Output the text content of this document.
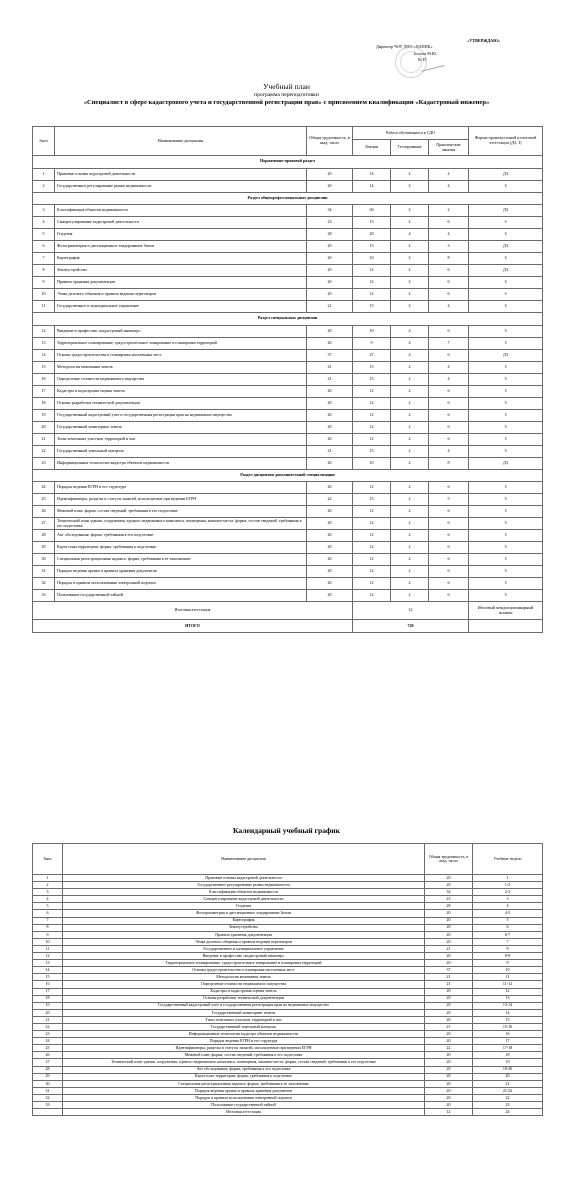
«УТВЕРЖДАЮ»
Директор ЧОУ ДПО «ЦАППК»
Белова М.Ю.
М.П.
Учебный план
программа переподготовки
«Специалист в сфере кадастрового учета и государственной регистрации прав» с присвоением квалификации «Кадастровый инженер»
№пп	Наименование дисциплин	Общая трудоемкость, в акад. часах	Работа обучающихся в СДО			Формы промежуточной и итоговой аттестации (ДЗ, З)
			Лекции	Тестирование	Практические занятия	
Нормативно-правовой раздел						
1	Правовые основы кадастровой деятельности	20	14	2	4	ДЗ
2	Государственное регулирование рынка недвижимости	20	14	2	4	З
Раздел общепрофессиональных дисциплин						
3	Классификация объектов недвижимости	34	30	2	2	ДЗ
4	Саморегулирование кадастровой деятельности	23	15	2	6	З
5	Геодезия	28	20	4	4	З
6	Фотограмметрия и дистанционное зондирование Земли	20	15	2	3	ДЗ
7	Картография	20	10	2	8	З
8	Землеустройство	20	12	2	6	ДЗ
9	Правила хранения документации	20	12	2	6	З
10	Этика делового общения и правила ведения переговоров	20	12	2	6	З
11	Государственное и муниципальное управление	21	15	2	4	З
Раздел специальных дисциплин						
12	Введение в профессию «кадастровый инженер»	20	10	4	6	З
13	Территориальное планирование, градостроительное зонирование и планировка территорий	20	9	4	7	З
14	Основы градостроительства и планировка населенных мест	37	27	4	6	ДЗ
15	Методология межевания земель	21	15	2	4	З
16	Определение стоимости недвижимого имущества	21	15	2	4	З
17	Кадастры и кадастровая оценка земель	20	12	2	6	З
18	Основы разработки технической документации	20	12	2	6	З
19	Государственный кадастровый учет и государственная регистрация прав на недвижимое имущество	20	12	2	6	З
20	Государственный мониторинг земель	20	12	2	6	З
21	Типы земельных участков, территорий и зон	20	12	2	6	З
22	Государственный земельный контроль	21	15	2	4	З
23	Информационные технологии кадастра объектов недвижимости	20	10	2	8	ДЗ
Раздел дисциплин дополнительной специализации						
24	Порядок ведения ЕГРН и его структура	20	12	2	6	З
25	Идентификаторы, разделы и статусы записей, используемые при ведении ЕГРН	22	15	2	5	З
26	Межевой план: форма, состав сведений, требования к его подготовке	20	12	2	6	З
27	Технический план здания, сооружения, единого недвижимого комплекса, помещения, машино-места: форма, состав сведений, требования к его подготовке	20	12	2	6	З
28	Акт обследования: форма, требования к его подготовке	20	12	2	6	З
29	Карта-план территории: форма, требования к подготовке	20	12	2	6	З
30	Специальная регистрационная надпись: форма, требования к ее заполнению	20	12	2	6	З
31	Порядок ведения архива и правила хранения документов	20	12	2	6	З
32	Порядок и правила использования электронной подписи	20	12	2	6	З
33	Пользование государственной тайной	20	12	2	6	З
Итоговая аттестация			12			Итоговый междисциплинарный экзамен
ИТОГО			720			
Календарный учебный график
№пп	Наименование дисциплин	Общая трудоемкость, в акад. часах	Учебные недели
1	Правовые основы кадастровой деятельности	20	1
2	Государственное регулирование рынка недвижимости	20	1-2
3	Классификация объектов недвижимости	34	2-3
4	Саморегулирование кадастровой деятельности	23	3
5	Геодезия	28	4
6	Фотограмметрия и дистанционное зондирование Земли	20	4-5
7	Картография	20	5
8	Землеустройство	20	6
9	Правила хранения документации	20	6-7
10	Этика делового общения и правила ведения переговоров	20	7
11	Государственное и муниципальное управление	21	8
12	Введение в профессию «кадастровый инженер»	20	8-9
13	Территориальное планирование, градостроительное зонирование и планировка территорий	20	9
14	Основы градостроительства и планировка населенных мест	37	10
15	Методология межевания земель	21	11
16	Определение стоимости недвижимого имущества	21	11-12
17	Кадастры и кадастровая оценка земель	20	12
18	Основы разработки технической документации	20	13
19	Государственный кадастровый учет и государственная регистрация прав на недвижимое имущество	20	13-14
20	Государственный мониторинг земель	20	14
21	Типы земельных участков, территорий и зон	20	15
22	Государственный земельный контроль	21	15-16
23	Информационные технологии кадастра объектов недвижимости	20	16
24	Порядок ведения ЕГРН и его структура	20	17
25	Идентификаторы, разделы и статусы записей, используемые при ведении ЕГРН	22	17-18
26	Межевой план: форма, состав сведений, требования к его подготовке	20	18
27	Технический план здания, сооружения, единого недвижимого комплекса, помещения, машино-места: форма, состав сведений, требования к его подготовке	20	19
28	Акт обследования: форма, требования к его подготовке	20	19-20
29	Карта-план территории: форма, требования к подготовке	20	20
30	Специальная регистрационная надпись: форма, требования к ее заполнению	20	21
31	Порядок ведения архива и правила хранения документов	20	21-22
32	Порядок и правила использования электронной подписи	20	22
33	Пользование государственной тайной	20	23
	Итоговая аттестация	12	24
